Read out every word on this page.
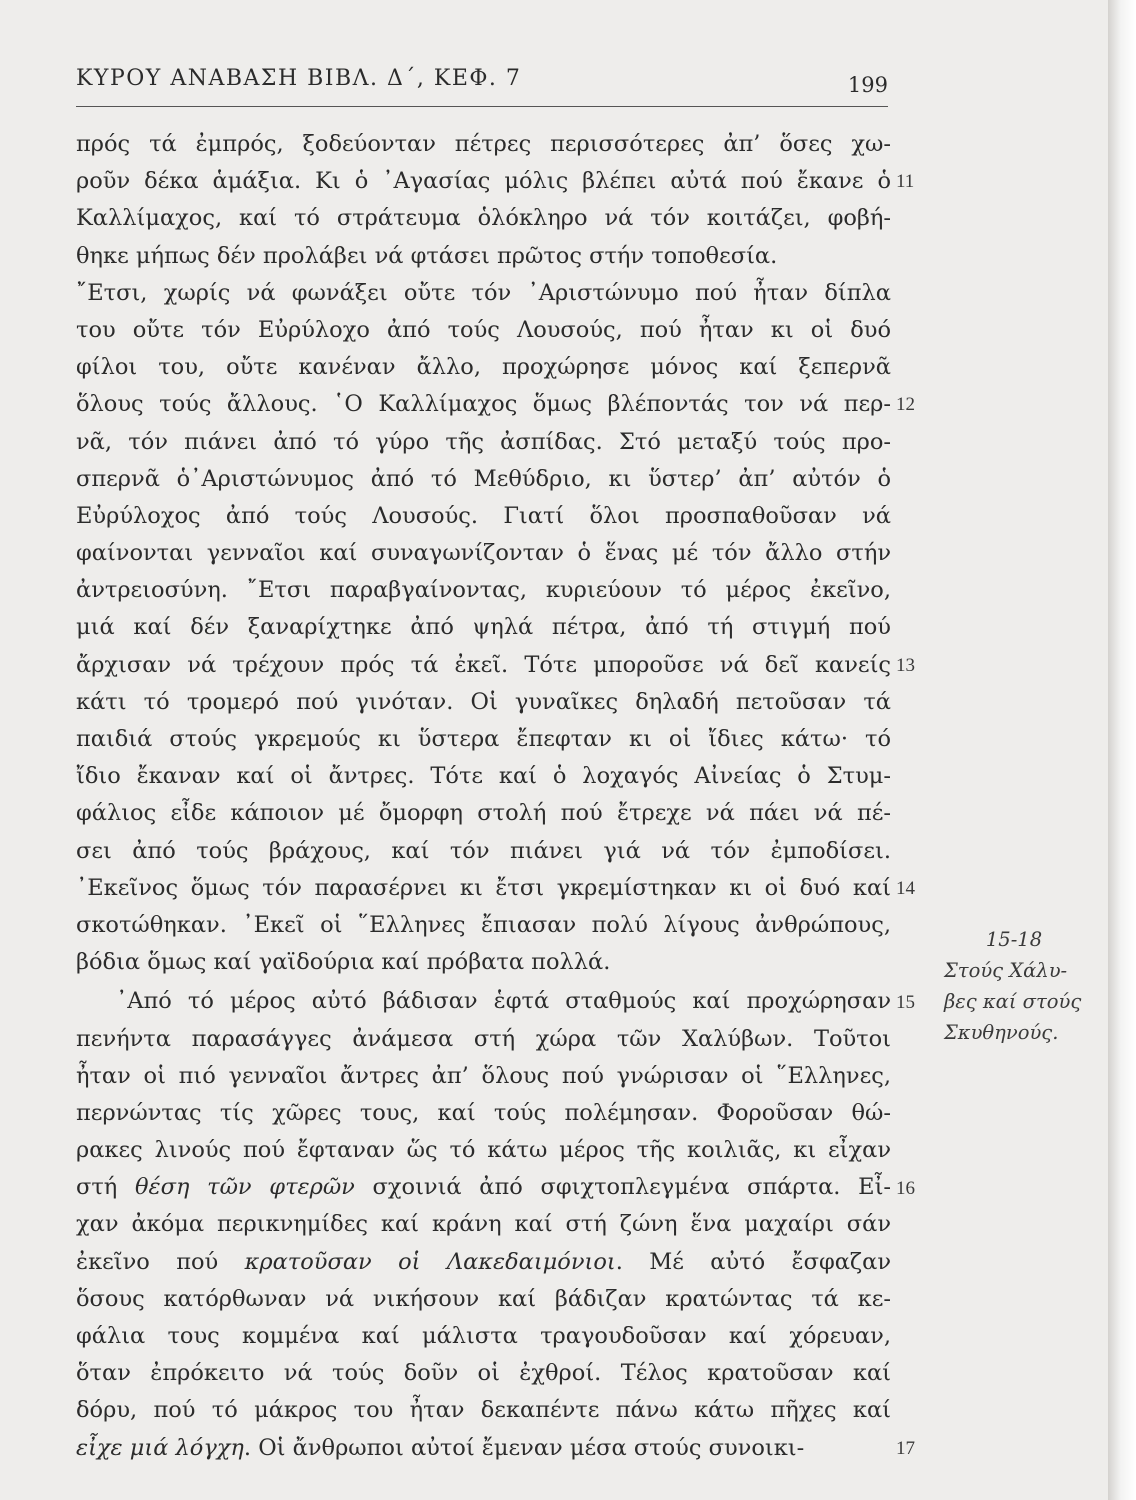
ΚΥΡΟΥ ΑΝΑΒΑΣΗ ΒΙΒΛ. Δ΄, ΚΕΦ. 7	199
πρός τά ἐμπρός, ξοδεύονταν πέτρες περισσότερες ἀπ’ ὅσες χω-
ροῦν δέκα ἁμάξια. Κι ὁ ᾿Αγασίας μόλις βλέπει αὐτά πού ἔκανε ὁ
Καλλίμαχος, καί τό στράτευμα ὁλόκληρο νά τόν κοιτάζει, φοβή-
θηκε μήπως δέν προλάβει νά φτάσει πρῶτος στήν τοποθεσία.
῎Ετσι, χωρίς νά φωνάξει οὔτε τόν ᾿Αριστώνυμο πού ἦταν δίπλα
του οὔτε τόν Εὐρύλοχο ἀπό τούς Λουσούς, πού ἦταν κι οἱ δυό
φίλοι του, οὔτε κανέναν ἄλλο, προχώρησε μόνος καί ξεπερνᾶ
ὅλους τούς ἄλλους. ῾Ο Καλλίμαχος ὅμως βλέποντάς τον νά περ-
νᾶ, τόν πιάνει ἀπό τό γύρο τῆς ἀσπίδας. Στό μεταξύ τούς προ-
σπερνᾶ ὁ᾿Αριστώνυμος ἀπό τό Μεθύδριο, κι ὕστερ’ ἀπ’ αὐτόν ὁ
Εὐρύλοχος ἀπό τούς Λουσούς. Γιατί ὅλοι προσπαθοῦσαν νά
φαίνονται γενναῖοι καί συναγωνίζονταν ὁ ἕνας μέ τόν ἄλλο στήν
ἀντρειοσύνη. ῎Ετσι παραβγαίνοντας, κυριεύουν τό μέρος ἐκεῖνο,
μιά καί δέν ξαναρίχτηκε ἀπό ψηλά πέτρα, ἀπό τή στιγμή πού
ἄρχισαν νά τρέχουν πρός τά ἐκεῖ. Τότε μποροῦσε νά δεῖ κανείς
κάτι τό τρομερό πού γινόταν. Οἱ γυναῖκες δηλαδή πετοῦσαν τά
παιδιά στούς γκρεμούς κι ὕστερα ἔπεφταν κι οἱ ἴδιες κάτω· τό
ἴδιο ἔκαναν καί οἱ ἄντρες. Τότε καί ὁ λοχαγός Αἰνείας ὁ Στυμ-
φάλιος εἶδε κάποιον μέ ὄμορφη στολή πού ἔτρεχε νά πάει νά πέ-
σει ἀπό τούς βράχους, καί τόν πιάνει γιά νά τόν ἐμποδίσει.
᾿Εκεῖνος ὅμως τόν παρασέρνει κι ἔτσι γκρεμίστηκαν κι οἱ δυό καί
σκοτώθηκαν. ᾿Εκεῖ οἱ ῞Ελληνες ἔπιασαν πολύ λίγους ἀνθρώπους,
βόδια ὅμως καί γαϊδούρια καί πρόβατα πολλά.
᾿Από τό μέρος αὐτό βάδισαν ἑφτά σταθμούς καί προχώρησαν
πενήντα παρασάγγες ἀνάμεσα στή χώρα τῶν Χαλύβων. Τοῦτοι
ἦταν οἱ πιό γενναῖοι ἄντρες ἀπ’ ὅλους πού γνώρισαν οἱ ῞Ελληνες,
περνώντας τίς χῶρες τους, καί τούς πολέμησαν. Φοροῦσαν θώ-
ρακες λινούς πού ἔφταναν ὥς τό κάτω μέρος τῆς κοιλιᾶς, κι εἶχαν
στή θέση τῶν φτερῶν σχοινιά ἀπό σφιχτοπλεγμένα σπάρτα. Εἶ-
χαν ἀκόμα περικνημίδες καί κράνη καί στή ζώνη ἕνα μαχαίρι σάν
ἐκεῖνο πού κρατοῦσαν οἱ Λακεδαιμόνιοι. Μέ αὐτό ἔσφαζαν
ὅσους κατόρθωναν νά νικήσουν καί βάδιζαν κρατώντας τά κε-
φάλια τους κομμένα καί μάλιστα τραγουδοῦσαν καί χόρευαν,
ὅταν ἐπρόκειτο νά τούς δοῦν οἱ ἐχθροί. Τέλος κρατοῦσαν καί
δόρυ, πού τό μάκρος του ἦταν δεκαπέντε πάνω κάτω πῆχες καί
εἶχε μιά λόγχη. Οἱ ἄνθρωποι αὐτοί ἔμεναν μέσα στούς συνοικι-
11
12
13
14
15
16
17
15-18
Στούς Χάλυ-
βες καί στούς
Σκυθηνούς.
